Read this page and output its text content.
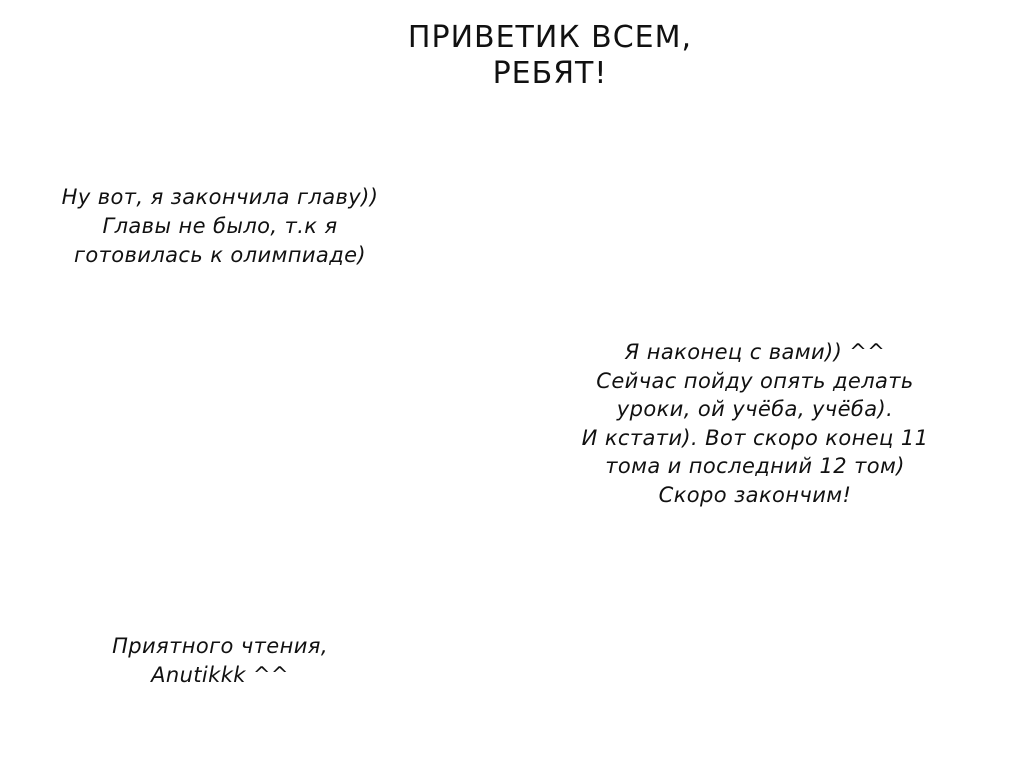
ПРИВЕТИК ВСЕМ,
РЕБЯТ!
Ну вот, я закончила главу))
Главы не было, т.к я
готовилась к олимпиаде)
Я наконец с вами)) ^^
Сейчас пойду опять делать
уроки, ой учёба, учёба).
И кстати). Вот скоро конец 11
тома и последний 12 том)
Скоро закончим!
Приятного чтения,
Anutikkk ^^
